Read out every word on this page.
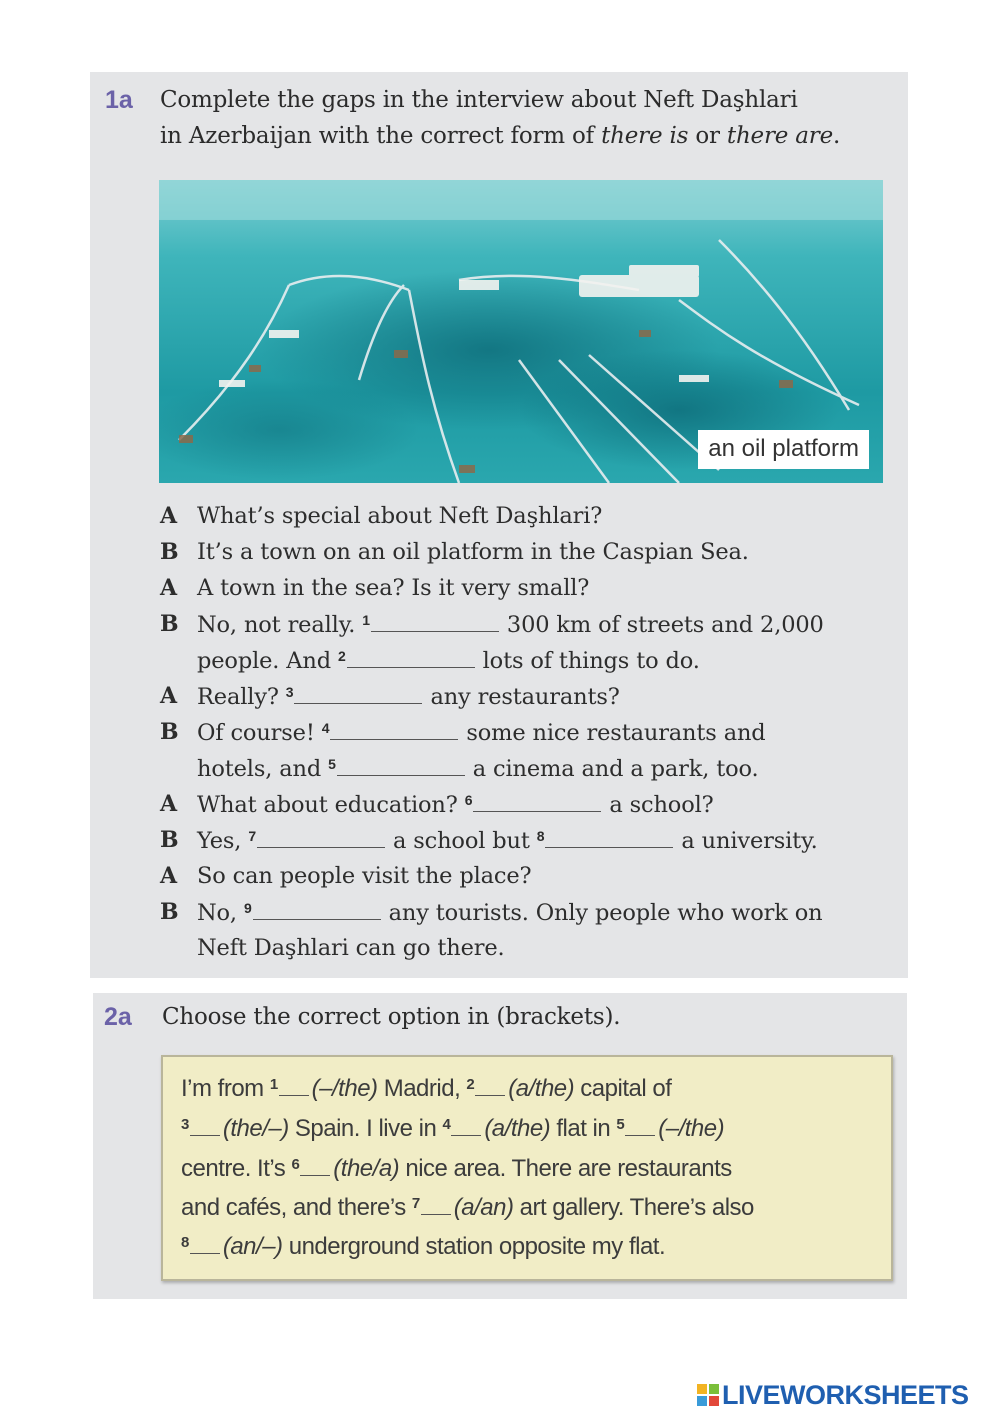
1a Complete the gaps in the interview about Neft Daşhlari
in Azerbaijan with the correct form of there is or there are.
an oil platform
A What’s special about Neft Daşhlari?
B It’s a town on an oil platform in the Caspian Sea.
A A town in the sea? Is it very small?
B No, not really. $^1$	300 km of streets and 2,000
people. And $^2$	lots of things to do.
A Really? $^3$	any restaurants?
B Of course! $^4$	some nice restaurants and
hotels, and $^5$	a cinema and a park, too.
A What about education? $^6$	a school?
B Yes, $^7$	a school but $^8$	a university.
A So can people visit the place?
B No, $^9$	any tourists. Only people who work on
Neft Daşhlari can go there.
2a Choose the correct option in (brackets).
I’m from $^1$ (–/the) Madrid, $^2$ (a/the) capital of
$^3$ (the/–) Spain. I live in $^4$ (a/the) flat in $^5$ (–/the)
centre. It’s $^6$ (the/a) nice area. There are restaurants
and cafés, and there’s $^7$ (a/an) art gallery. There’s also
$^8$ (an/–) underground station opposite my flat.
LIVEWORKSHEETS
